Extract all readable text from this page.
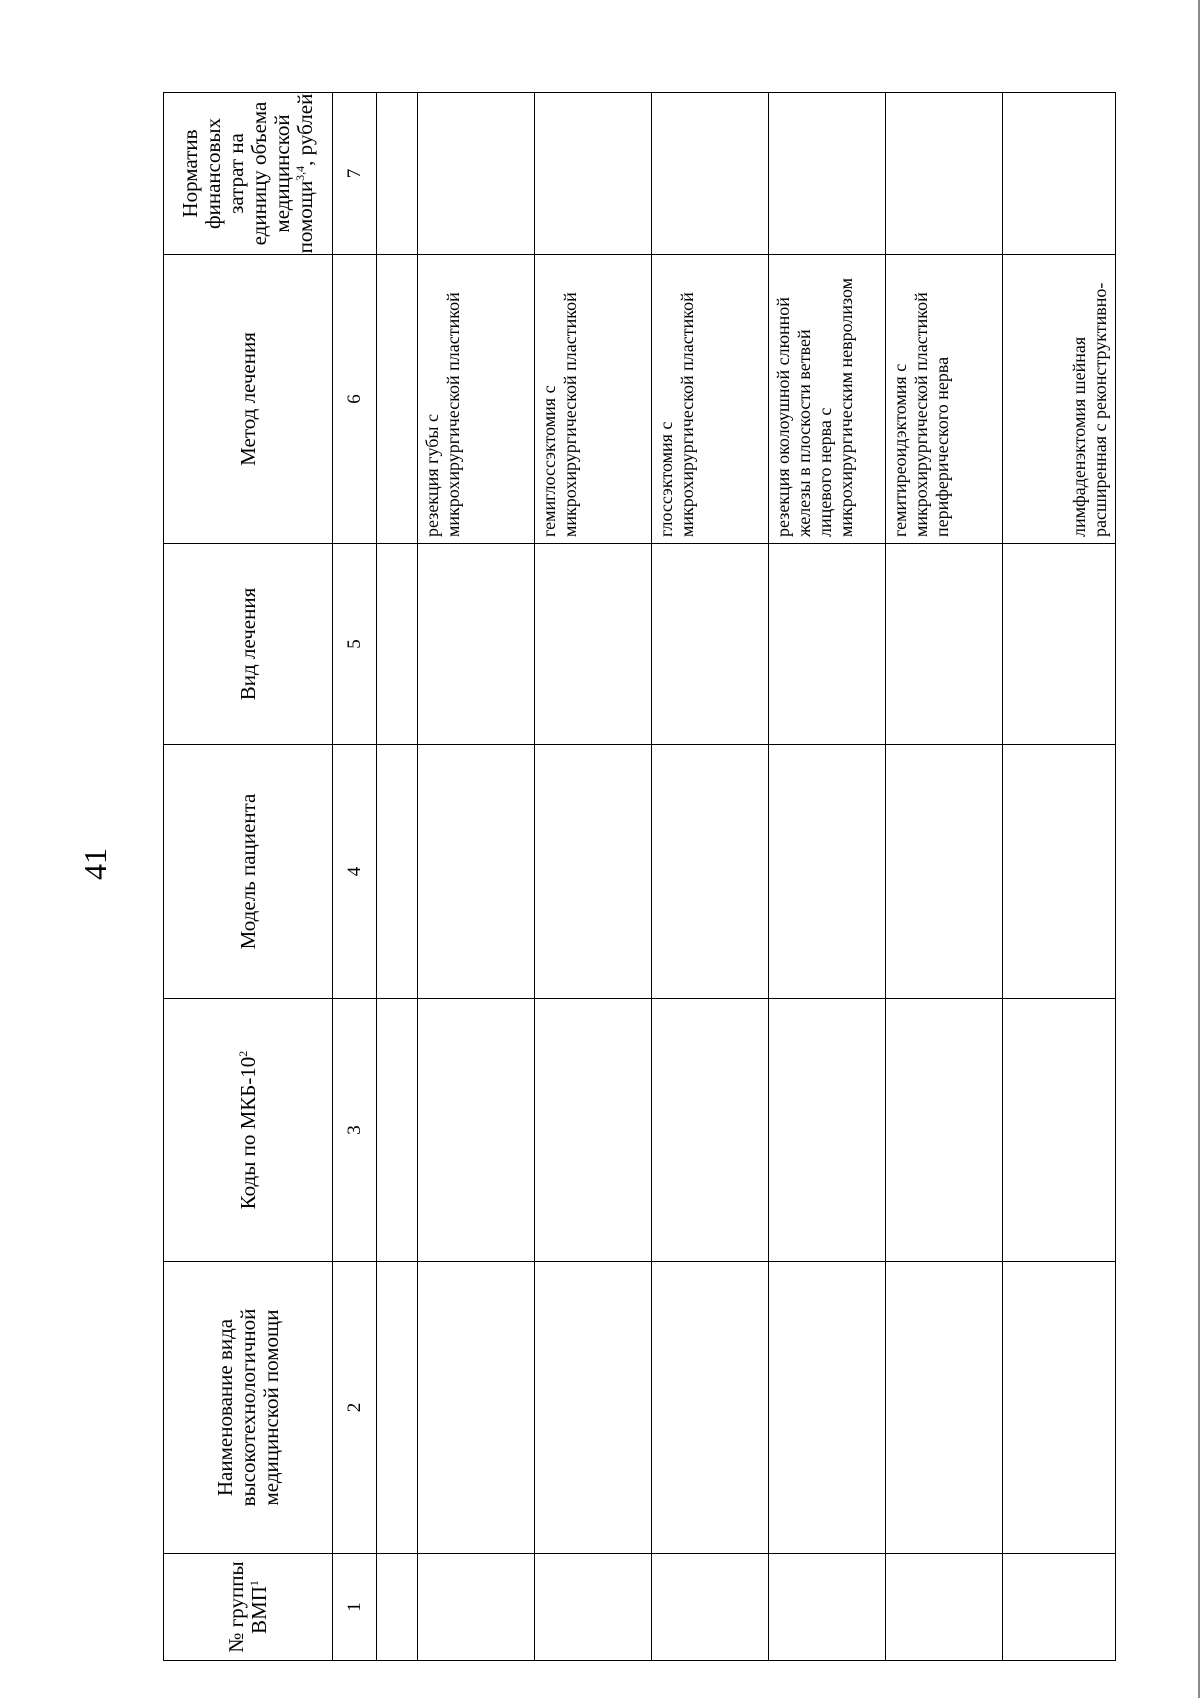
41
№ группы ВМП$^1$	Наименование вида высокотехнологичной медицинской помощи	Коды по МКБ-$10^2$	Модель пациента	Вид лечения	Метод лечения	Норматив финансовых затрат на единицу объема медицинской помощи$^{3,4}$, рублей
1	2	3	4	5	6	7

					резекция губы с микрохирургической пластикой	
					гемиглоссэктомия с микрохирургической пластикой	
					глоссэктомия с микрохирургической пластикой	
					резекция околоушной слюнной железы в плоскости ветвей лицевого нерва с микрохирургическим невролизом	
					гемитиреоидэктомия с микрохирургической пластикой периферического нерва	
					лимфаденэктомия шейная расширенная с реконструктивно-	
